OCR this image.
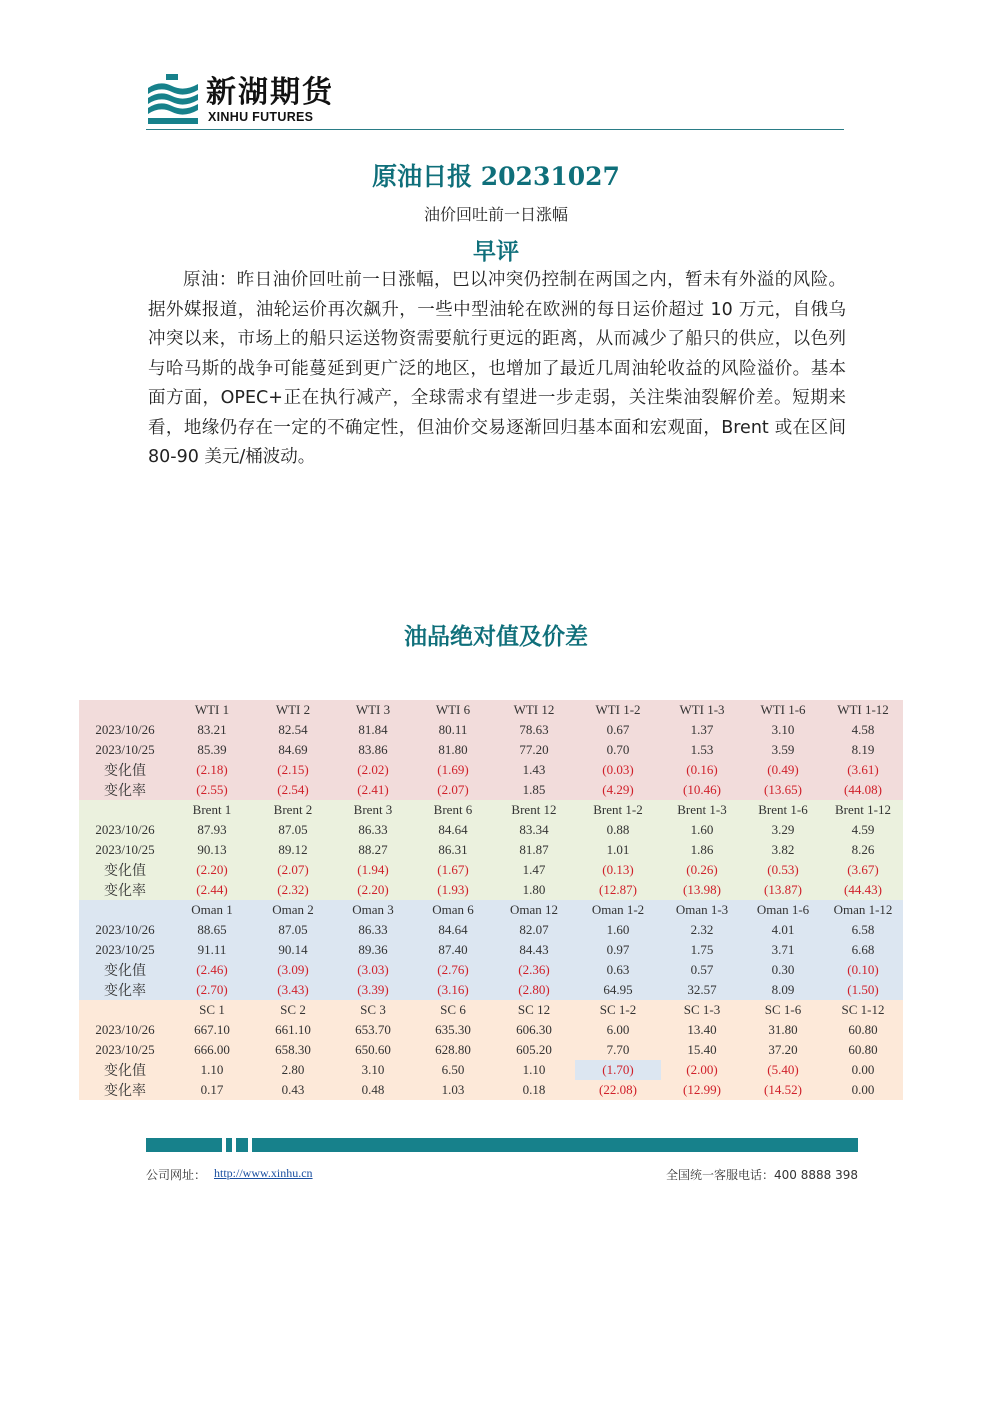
新湖期货
XINHU FUTURES
原油日报 20231027
油价回吐前一日涨幅
早评

原油：昨日油价回吐前一日涨幅，巴以冲突仍控制在两国之内，暂未有外溢的风险。据外媒报道，油轮运价再次飙升，一些中型油轮在欧洲的每日运价超过 10 万元，自俄乌冲突以来，市场上的船只运送物资需要航行更远的距离，从而减少了船只的供应，以色列与哈马斯的战争可能蔓延到更广泛的地区，也增加了最近几周油轮收益的风险溢价。基本面方面，OPEC+正在执行减产，全球需求有望进一步走弱，关注柴油裂解价差。短期来看，地缘仍存在一定的不确定性，但油价交易逐渐回归基本面和宏观面，Brent 或在区间 80-90 美元/桶波动。

油品绝对值及价差
	WTI 1	WTI 2	WTI 3	WTI 6	WTI 12	WTI 1-2	WTI 1-3	WTI 1-6	WTI 1-12
2023/10/26	83.21	82.54	81.84	80.11	78.63	0.67	1.37	3.10	4.58
2023/10/25	85.39	84.69	83.86	81.80	77.20	0.70	1.53	3.59	8.19
变化值	(2.18)	(2.15)	(2.02)	(1.69)	1.43	(0.03)	(0.16)	(0.49)	(3.61)
变化率	(2.55)	(2.54)	(2.41)	(2.07)	1.85	(4.29)	(10.46)	(13.65)	(44.08)
	Brent 1	Brent 2	Brent 3	Brent 6	Brent 12	Brent 1-2	Brent 1-3	Brent 1-6	Brent 1-12
2023/10/26	87.93	87.05	86.33	84.64	83.34	0.88	1.60	3.29	4.59
2023/10/25	90.13	89.12	88.27	86.31	81.87	1.01	1.86	3.82	8.26
变化值	(2.20)	(2.07)	(1.94)	(1.67)	1.47	(0.13)	(0.26)	(0.53)	(3.67)
变化率	(2.44)	(2.32)	(2.20)	(1.93)	1.80	(12.87)	(13.98)	(13.87)	(44.43)
	Oman 1	Oman 2	Oman 3	Oman 6	Oman 12	Oman 1-2	Oman 1-3	Oman 1-6	Oman 1-12
2023/10/26	88.65	87.05	86.33	84.64	82.07	1.60	2.32	4.01	6.58
2023/10/25	91.11	90.14	89.36	87.40	84.43	0.97	1.75	3.71	6.68
变化值	(2.46)	(3.09)	(3.03)	(2.76)	(2.36)	0.63	0.57	0.30	(0.10)
变化率	(2.70)	(3.43)	(3.39)	(3.16)	(2.80)	64.95	32.57	8.09	(1.50)
	SC 1	SC 2	SC 3	SC 6	SC 12	SC 1-2	SC 1-3	SC 1-6	SC 1-12
2023/10/26	667.10	661.10	653.70	635.30	606.30	6.00	13.40	31.80	60.80
2023/10/25	666.00	658.30	650.60	628.80	605.20	7.70	15.40	37.20	60.80
变化值	1.10	2.80	3.10	6.50	1.10	(1.70)	(2.00)	(5.40)	0.00
变化率	0.17	0.43	0.48	1.03	0.18	(22.08)	(12.99)	(14.52)	0.00
公司网址： http://www.xinhu.cn	全国统一客服电话：400 8888 398
